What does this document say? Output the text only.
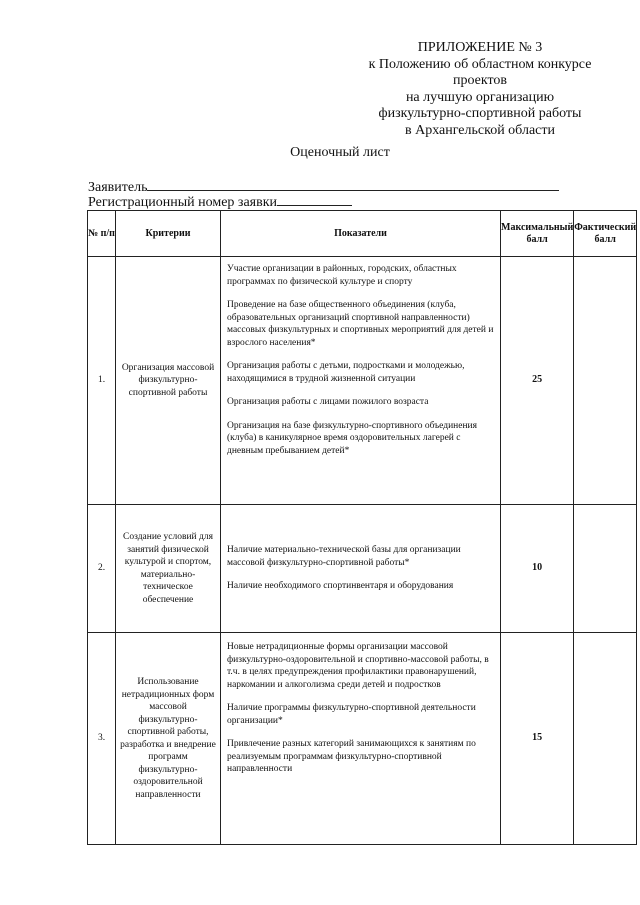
ПРИЛОЖЕНИЕ № 3
к Положению об областном конкурсе
проектов
на лучшую организацию
физкультурно-спортивной работы
в Архангельской области
Оценочный лист
Заявитель
Регистрационный номер заявки
№ п/п	Критерии	Показатели	Максимальный балл	Фактический балл
1.	Организация массовой физкультурно-спортивной работы	Участие организации в районных, городских, областных программах по физической культуре и спорту

Проведение на базе общественного объединения (клуба, образовательных организаций спортивной направленности) массовых физкультурных и спортивных мероприятий для детей и взрослого населения*

Организация работы с детьми, подростками и молодежью, находящимися в трудной жизненной ситуации

Организация работы с лицами пожилого возраста

Организация на базе физкультурно-спортивного объединения (клуба) в каникулярное время оздоровительных лагерей с дневным пребыванием детей*	25	
2.	Создание условий для занятий физической культурой и спортом, материально-техническое обеспечение	Наличие материально-технической базы для организации массовой физкультурно-спортивной работы*

Наличие необходимого спортинвентаря и оборудования	10	
3.	Использование нетрадиционных форм массовой физкультурно-спортивной работы, разработка и внедрение программ физкультурно-оздоровительной направленности	Новые нетрадиционные формы организации массовой физкультурно-оздоровительной и спортивно-массовой работы, в т.ч. в целях предупреждения профилактики правонарушений, наркомании и алкоголизма среди детей и подростков

Наличие программы физкультурно-спортивной деятельности организации*

Привлечение разных категорий занимающихся к занятиям по реализуемым программам физкультурно-спортивной направленности	15	
